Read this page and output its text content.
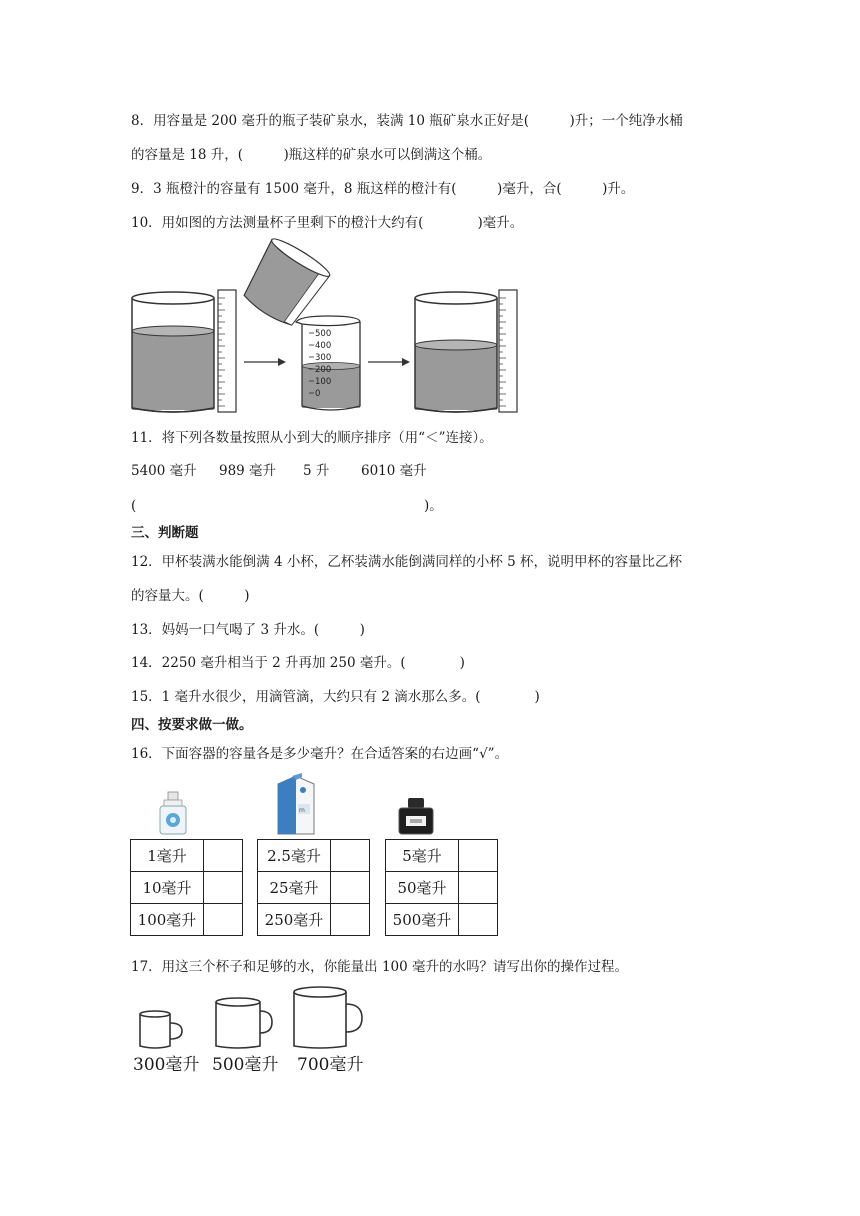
8．用容量是 200 毫升的瓶子装矿泉水，装满 10 瓶矿泉水正好是(　　　)升；一个纯净水桶
的容量是 18 升，(　　　)瓶这样的矿泉水可以倒满这个桶。
9．3 瓶橙汁的容量有 1500 毫升，8 瓶这样的橙汁有(　　　)毫升，合(　　　)升。
10．用如图的方法测量杯子里剩下的橙汁大约有(　　　　)毫升。
500
400
300
200
100
0
11．将下列各数量按照从小到大的顺序排序（用“＜”连接）。
5400 毫升 989 毫升 5 升 6010 毫升
(	)。
三、判断题
12．甲杯装满水能倒满 4 小杯，乙杯装满水能倒满同样的小杯 5 杯，说明甲杯的容量比乙杯
的容量大。(　　　)
13．妈妈一口气喝了 3 升水。(　　　)
14．2250 毫升相当于 2 升再加 250 毫升。(　　　　)
15．1 毫升水很少，用滴管滴，大约只有 2 滴水那么多。(　　　　)
四、按要求做一做。
16．下面容器的容量各是多少毫升？在合适答案的右边画“√”。
m
1毫升	
10毫升	
100毫升	
2.5毫升	
25毫升	
250毫升	
5毫升	
50毫升	
500毫升	
17．用这三个杯子和足够的水，你能量出 100 毫升的水吗？请写出你的操作过程。
300毫升 500毫升 700毫升
